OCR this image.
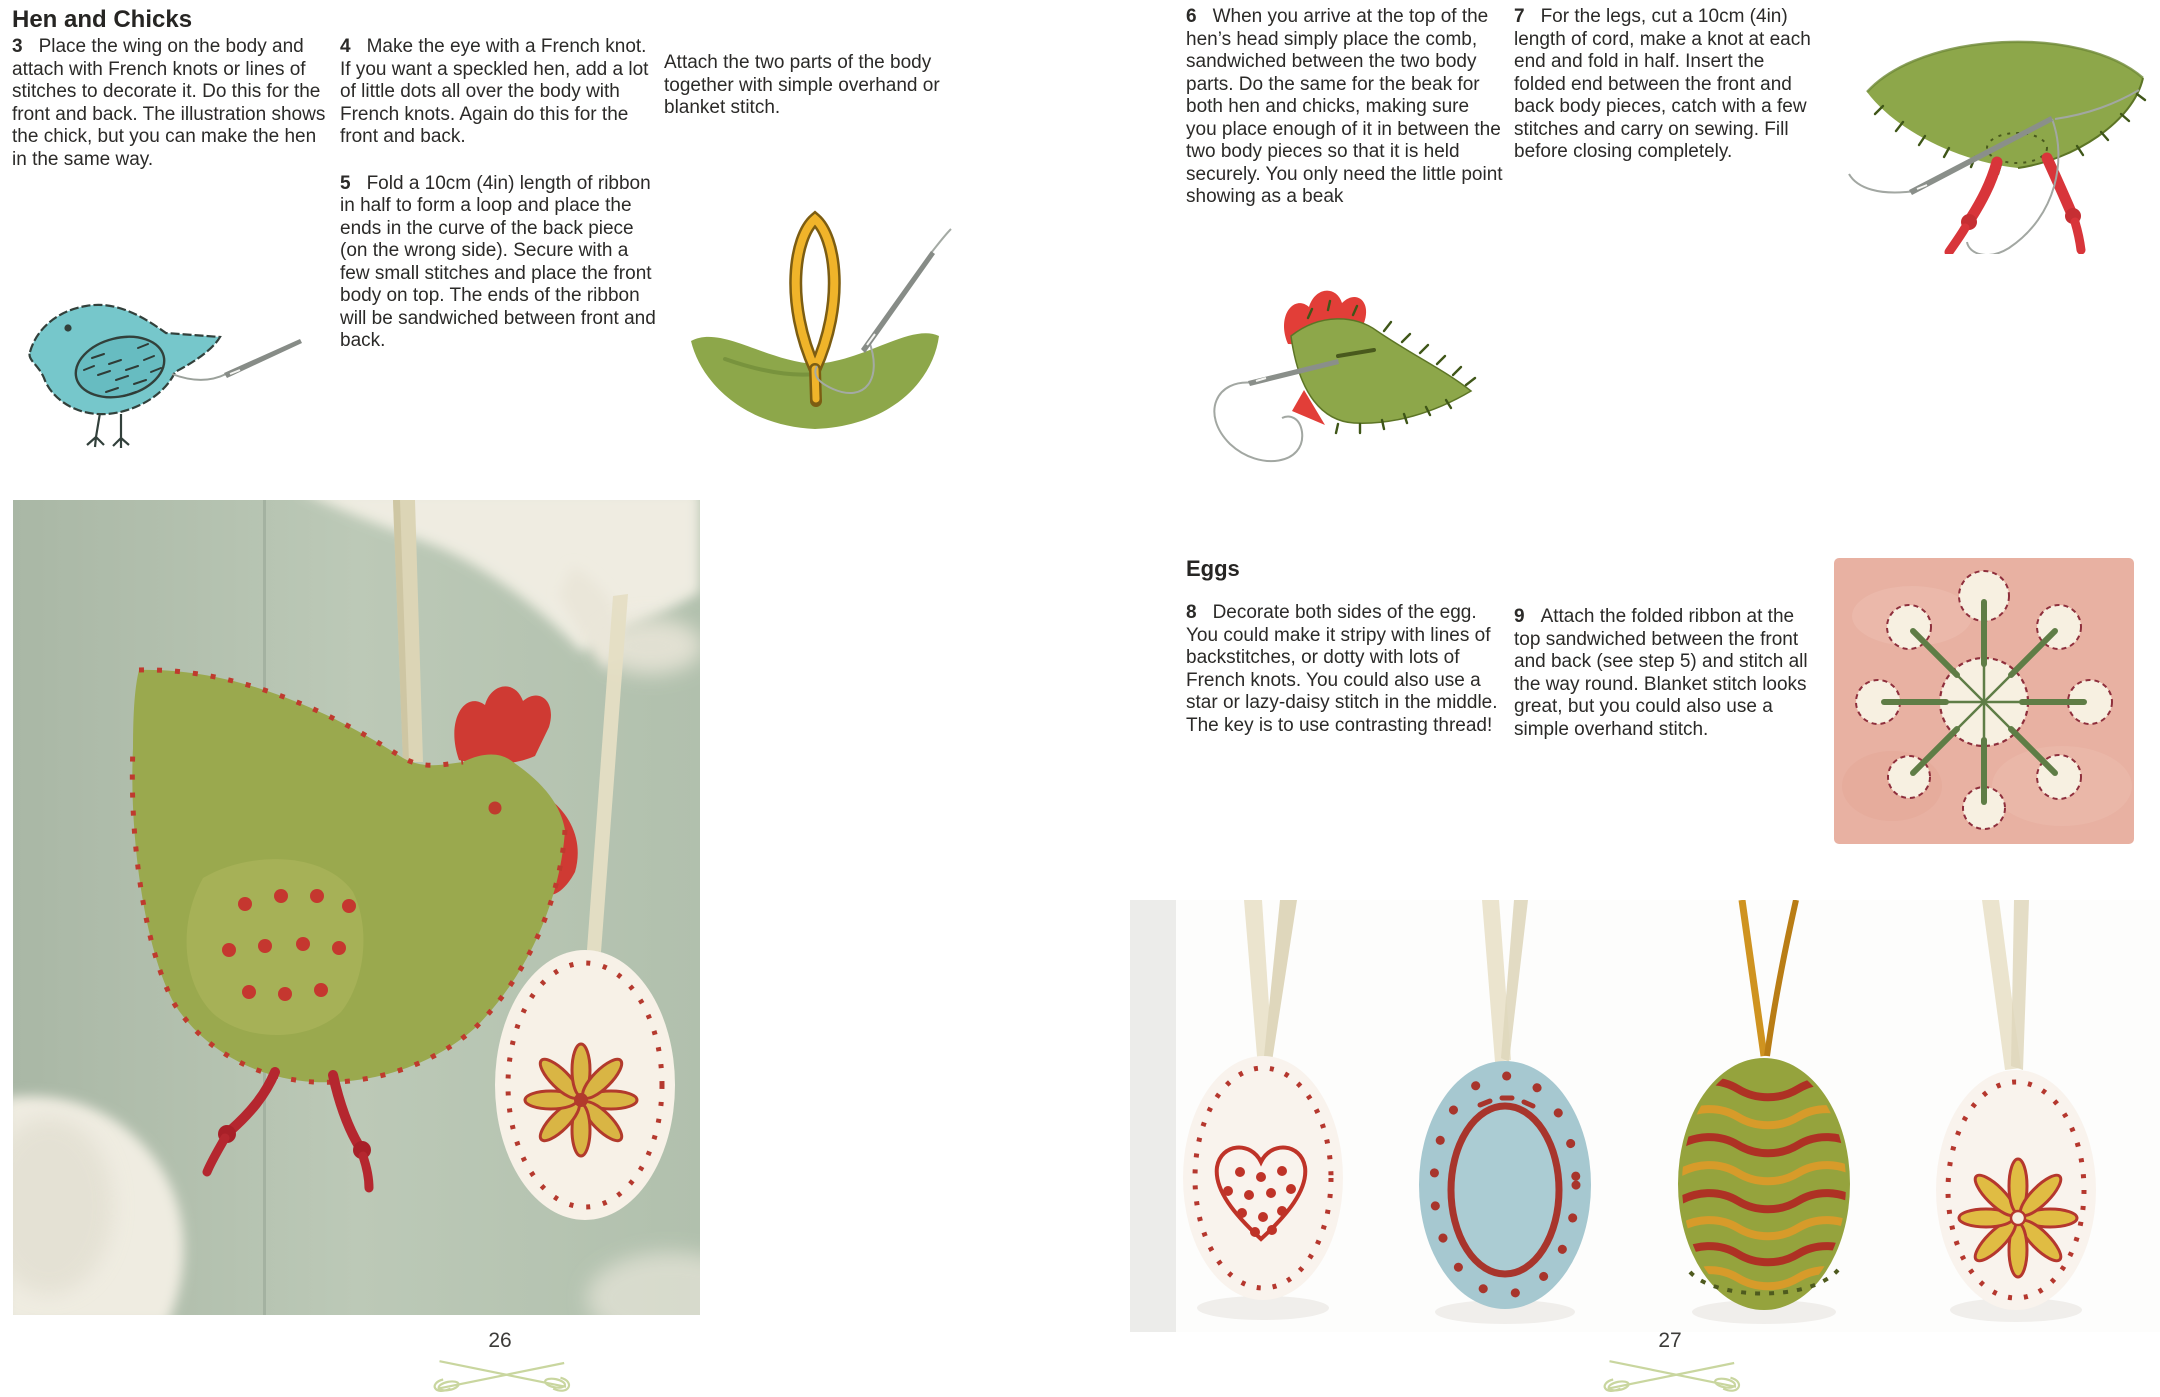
Hen and Chicks

3 Place the wing on the body and attach with French knots or lines of stitches to decorate it. Do this for the front and back. The illustration shows the chick, but you can make the hen in the same way.

4 Make the eye with a French knot. If you want a speckled hen, add a lot of little dots all over the body with French knots. Again do this for the front and back.

5 Fold a 10cm (4in) length of ribbon in half to form a loop and place the ends in the curve of the back piece (on the wrong side). Secure with a few small stitches and place the front body on top. The ends of the ribbon will be sandwiched between front and back.

Attach the two parts of the body together with simple overhand or blanket stitch.

26

6 When you arrive at the top of the hen’s head simply place the comb, sandwiched between the two body parts. Do the same for the beak for both hen and chicks, making sure you place enough of it in between the two body pieces so that it is held securely. You only need the little point showing as a beak

7 For the legs, cut a 10cm (4in) length of cord, make a knot at each end and fold in half. Insert the folded end between the front and back body pieces, catch with a few stitches and carry on sewing. Fill before closing completely.

Eggs

8 Decorate both sides of the egg. You could make it stripy with lines of backstitches, or dotty with lots of French knots. You could also use a star or lazy-daisy stitch in the middle. The key is to use contrasting thread!

9 Attach the folded ribbon at the top sandwiched between the front and back (see step 5) and stitch all the way round. Blanket stitch looks great, but you could also use a simple overhand stitch.

27
